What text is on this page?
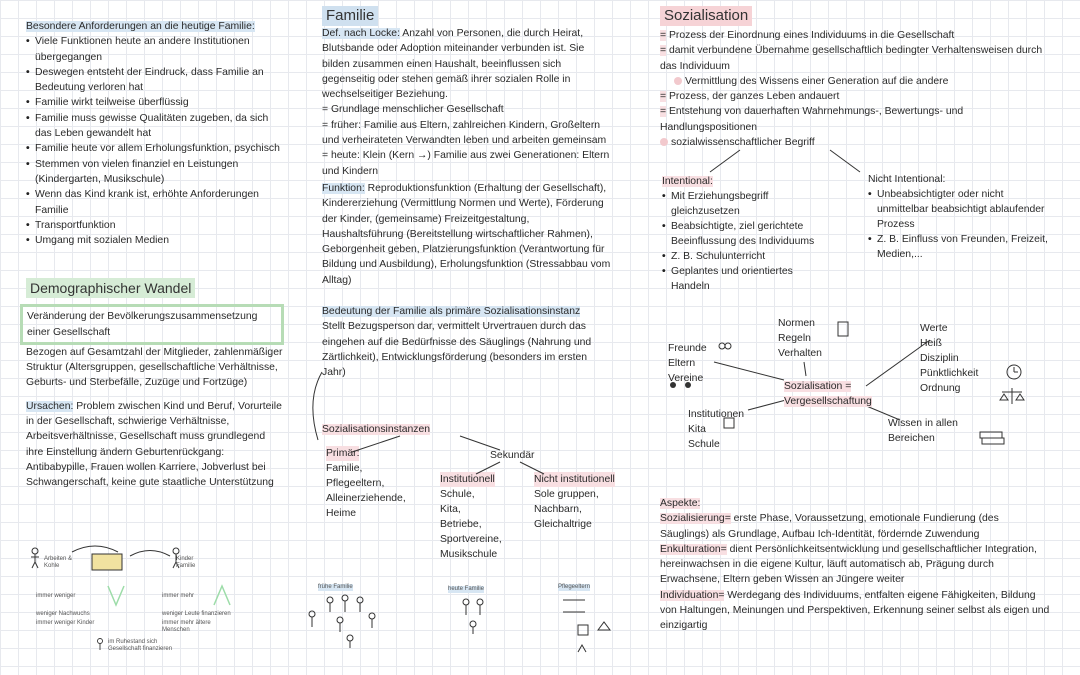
Besondere Anforderungen an die heutige Familie:

• Viele Funktionen heute an andere Institutionen übergegangen
• Deswegen entsteht der Eindruck, dass Familie an Bedeutung verloren hat
• Familie wirkt teilweise überflüssig
• Familie muss gewisse Qualitäten zugeben, da sich das Leben gewandelt hat
• Familie heute vor allem Erholungsfunktion, psychisch
• Stemmen von vielen finanziel en Leistungen (Kindergarten, Musikschule)
• Wenn das Kind krank ist, erhöhte Anforderungen Familie
• Transportfunktion
• Umgang mit sozialen Medien

Demographischer Wandel

Veränderung der Bevölkerungszusammensetzung einer Gesellschaft

Bezogen auf Gesamtzahl der Mitglieder, zahlenmäßiger Struktur (Altersgruppen, gesellschaftliche Verhältnisse, Geburts- und Sterbefälle, Zuzüge und Fortzüge)

Ursachen: Problem zwischen Kind und Beruf, Vorurteile in der Gesellschaft, schwierige Verhältnisse, Arbeitsverhältnisse, Gesellschaft muss grundlegend ihre Einstellung ändern Geburtenrückgang: Antibabypille, Frauen wollen Karriere, Jobverlust bei Schwangerschaft, keine gute staatliche Unterstützung

Arbeiten & Kohle
Kinder Familie
immer weniger	immer mehr
weniger Nachwuchs	weniger Leute finanzieren
immer weniger Kinder	immer mehr ältere Menschen
im Ruhestand sich Gesellschaft finanzieren

Familie

Def. nach Locke: Anzahl von Personen, die durch Heirat, Blutsbande oder Adoption miteinander verbunden ist. Sie bilden zusammen einen Haushalt, beeinflussen sich gegenseitig oder stehen gemäß ihrer sozialen Rolle in wechselseitiger Beziehung.

= Grundlage menschlicher Gesellschaft

= früher: Familie aus Eltern, zahlreichen Kindern, Großeltern und verheirateten Verwandten leben und arbeiten gemeinsam

= heute: Klein (Kern →) Familie aus zwei Generationen: Eltern und Kindern

Funktion: Reproduktionsfunktion (Erhaltung der Gesellschaft), Kindererziehung (Vermittlung Normen und Werte), Förderung der Kinder, (gemeinsame) Freizeitgestaltung, Haushaltsführung (Bereitstellung wirtschaftlicher Rahmen), Geborgenheit geben, Platzierungsfunktion (Verantwortung für Bildung und Ausbildung), Erholungsfunktion (Stressabbau vom Alltag)

Bedeutung der Familie als primäre Sozialisationsinstanz

Stellt Bezugsperson dar, vermittelt Urvertrauen durch das eingehen auf die Bedürfnisse des Säuglings (Nahrung und Zärtlichkeit), Entwicklungsförderung (besonders im ersten Jahr)

Sozialisationsinstanzen
Primär:
Familie,
Pflegeeltern,
Alleinerziehende,
Heime
Sekundär
Institutionell
Schule,
Kita,
Betriebe,
Sportvereine,
Musikschule
Nicht institutionell
Sole gruppen,
Nachbarn,
Gleichaltrige
frühe Familie	heute Familie	Pflegeeltern

Sozialisation

= Prozess der Einordnung eines Individuums in die Gesellschaft

= damit verbundene Übernahme gesellschaftlich bedingter Verhaltensweisen durch das Individuum

Vermittlung des Wissens einer Generation auf die andere

= Prozess, der ganzes Leben andauert

= Entstehung von dauerhaften Wahrnehmungs-, Bewertungs- und Handlungspositionen

sozialwissenschaftlicher Begriff

Intentional:
• Mit Erziehungsbegriff gleichzusetzen
• Beabsichtigte, ziel gerichtete Beeinflussung des Individuums
• Z. B. Schulunterricht
• Geplantes und orientiertes Handeln
Nicht Intentional:
• Unbeabsichtigter oder nicht unmittelbar beabsichtigt ablaufender Prozess
• Z. B. Einfluss von Freunden, Freizeit, Medien,...
Normen
Regeln
Verhalten
Werte
Heiß
Disziplin
Pünktlichkeit
Ordnung
Freunde
Eltern
Vereine
Sozialisation = Vergesellschaftung
Institutionen
Kita
Schule
Wissen in allen
Bereichen

Aspekte:

Sozialisierung= erste Phase, Voraussetzung, emotionale Fundierung (des Säuglings) als Grundlage, Aufbau Ich-Identität, fördernde Zuwendung

Enkulturation= dient Persönlichkeitsentwicklung und gesellschaftlicher Integration, hereinwachsen in die eigene Kultur, läuft automatisch ab, Prägung durch Erwachsene, Eltern geben Wissen an Jüngere weiter

Individuation= Werdegang des Individuums, entfalten eigene Fähigkeiten, Bildung von Haltungen, Meinungen und Perspektiven, Erkennung seiner selbst als eigen und einzigartig
